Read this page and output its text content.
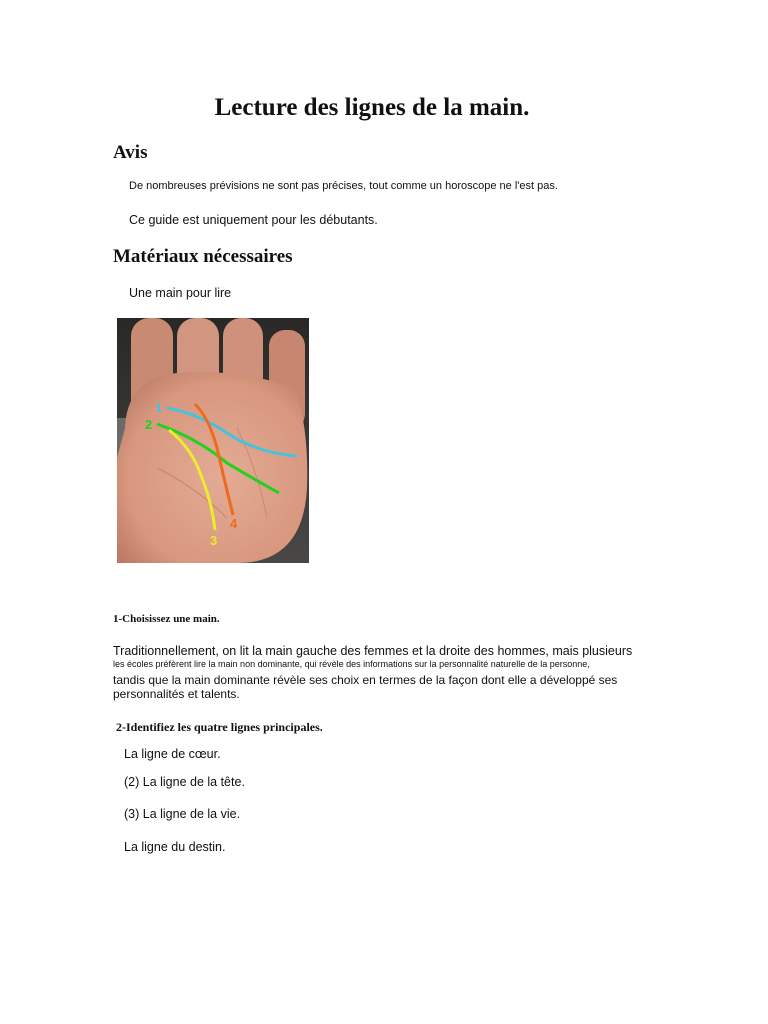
Lecture des lignes de la main.
Avis
De nombreuses prévisions ne sont pas précises, tout comme un horoscope ne l'est pas.
Ce guide est uniquement pour les débutants.
Matériaux nécessaires
Une main pour lire
1
2
3
4
1-Choisissez une main.
Traditionnellement, on lit la main gauche des femmes et la droite des hommes, mais plusieurs
les écoles préfèrent lire la main non dominante, qui révèle des informations sur la personnalité naturelle de la personne,
tandis que la main dominante révèle ses choix en termes de la façon dont elle a développé ses
personnalités et talents.
2-Identifiez les quatre lignes principales.
La ligne de cœur.
(2) La ligne de la tête.
(3) La ligne de la vie.
La ligne du destin.
